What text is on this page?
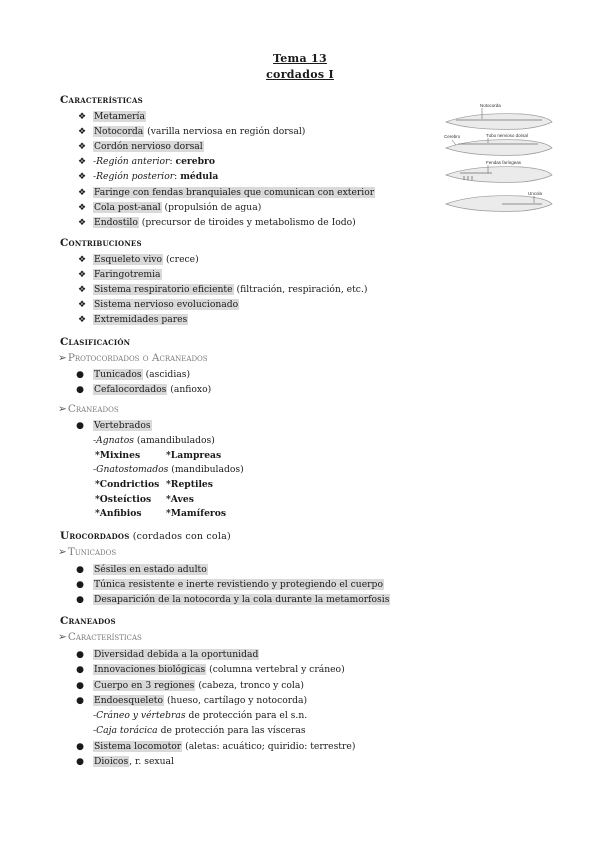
Tema 13
cordados I
Características
❖ Metamería
❖ Notocorda (varilla nerviosa en región dorsal)
❖ Cordón nervioso dorsal
❖ -Región anterior: cerebro
❖ -Región posterior: médula
❖ Faringe con fendas branquiales que comunican con exterior
❖ Cola post-anal (propulsión de agua)
❖ Endostilo (precursor de tiroides y metabolismo de Iodo)
Notocorda
Cerebro	Tubo nervioso dorsal
Fendas faríngeas
Uncola
Contribuciones
❖ Esqueleto vivo (crece)
❖ Faringotremia
❖ Sistema respiratorio eficiente (filtración, respiración, etc.)
❖ Sistema nervioso evolucionado
❖ Extremidades pares
Clasificación
➢Protocordados o Acraneados
● Tunicados (ascidias)
● Cefalocordados (anfioxo)
➢Craneados
● Vertebrados
-Agnatos (amandibulados)
*Mixines	*Lampreas
-Gnatostomados (mandibulados)
*Condrictios *Reptiles
*Osteíctios *Aves
*Anfibios	*Mamíferos
Urocordados (cordados con cola)
➢Tunicados
● Sésiles en estado adulto
● Túnica resistente e inerte revistiendo y protegiendo el cuerpo
● Desaparición de la notocorda y la cola durante la metamorfosis
Craneados
➢Características
● Diversidad debida a la oportunidad
● Innovaciones biológicas (columna vertebral y cráneo)
● Cuerpo en 3 regiones (cabeza, tronco y cola)
● Endoesqueleto (hueso, cartílago y notocorda)
-Cráneo y vértebras de protección para el s.n.
-Caja torácica de protección para las vísceras
● Sistema locomotor (aletas: acuático; quiridio: terrestre)
● Dioicos, r. sexual
